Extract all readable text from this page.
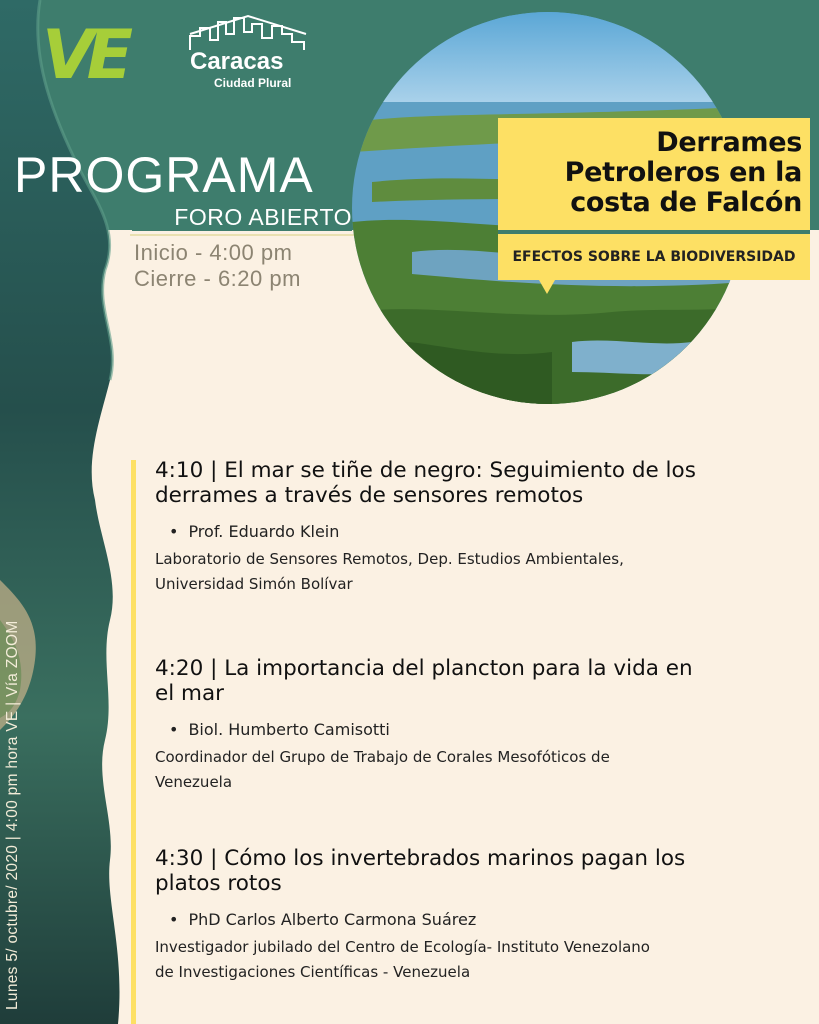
VE	Caracas
Ciudad Plural
PROGRAMA
FORO ABIERTO
Inicio - 4:00 pm
Cierre - 6:20 pm
Derrames
Petroleros en la
costa de Falcón
EFECTOS SOBRE LA BIODIVERSIDAD
4:10 | El mar se tiñe de negro: Seguimiento de los
derrames a través de sensores remotos
• Prof. Eduardo Klein
Laboratorio de Sensores Remotos, Dep. Estudios Ambientales,
Universidad Simón Bolívar
4:20 | La importancia del plancton para la vida en
el mar
• Biol. Humberto Camisotti
Coordinador del Grupo de Trabajo de Corales Mesofóticos de
Venezuela
4:30 | Cómo los invertebrados marinos pagan los
platos rotos
• PhD Carlos Alberto Carmona Suárez
Investigador jubilado del Centro de Ecología- Instituto Venezolano
de Investigaciones Científicas - Venezuela
Lunes 5/ octubre/ 2020 | 4:00 pm hora VE | Vía ZOOM
